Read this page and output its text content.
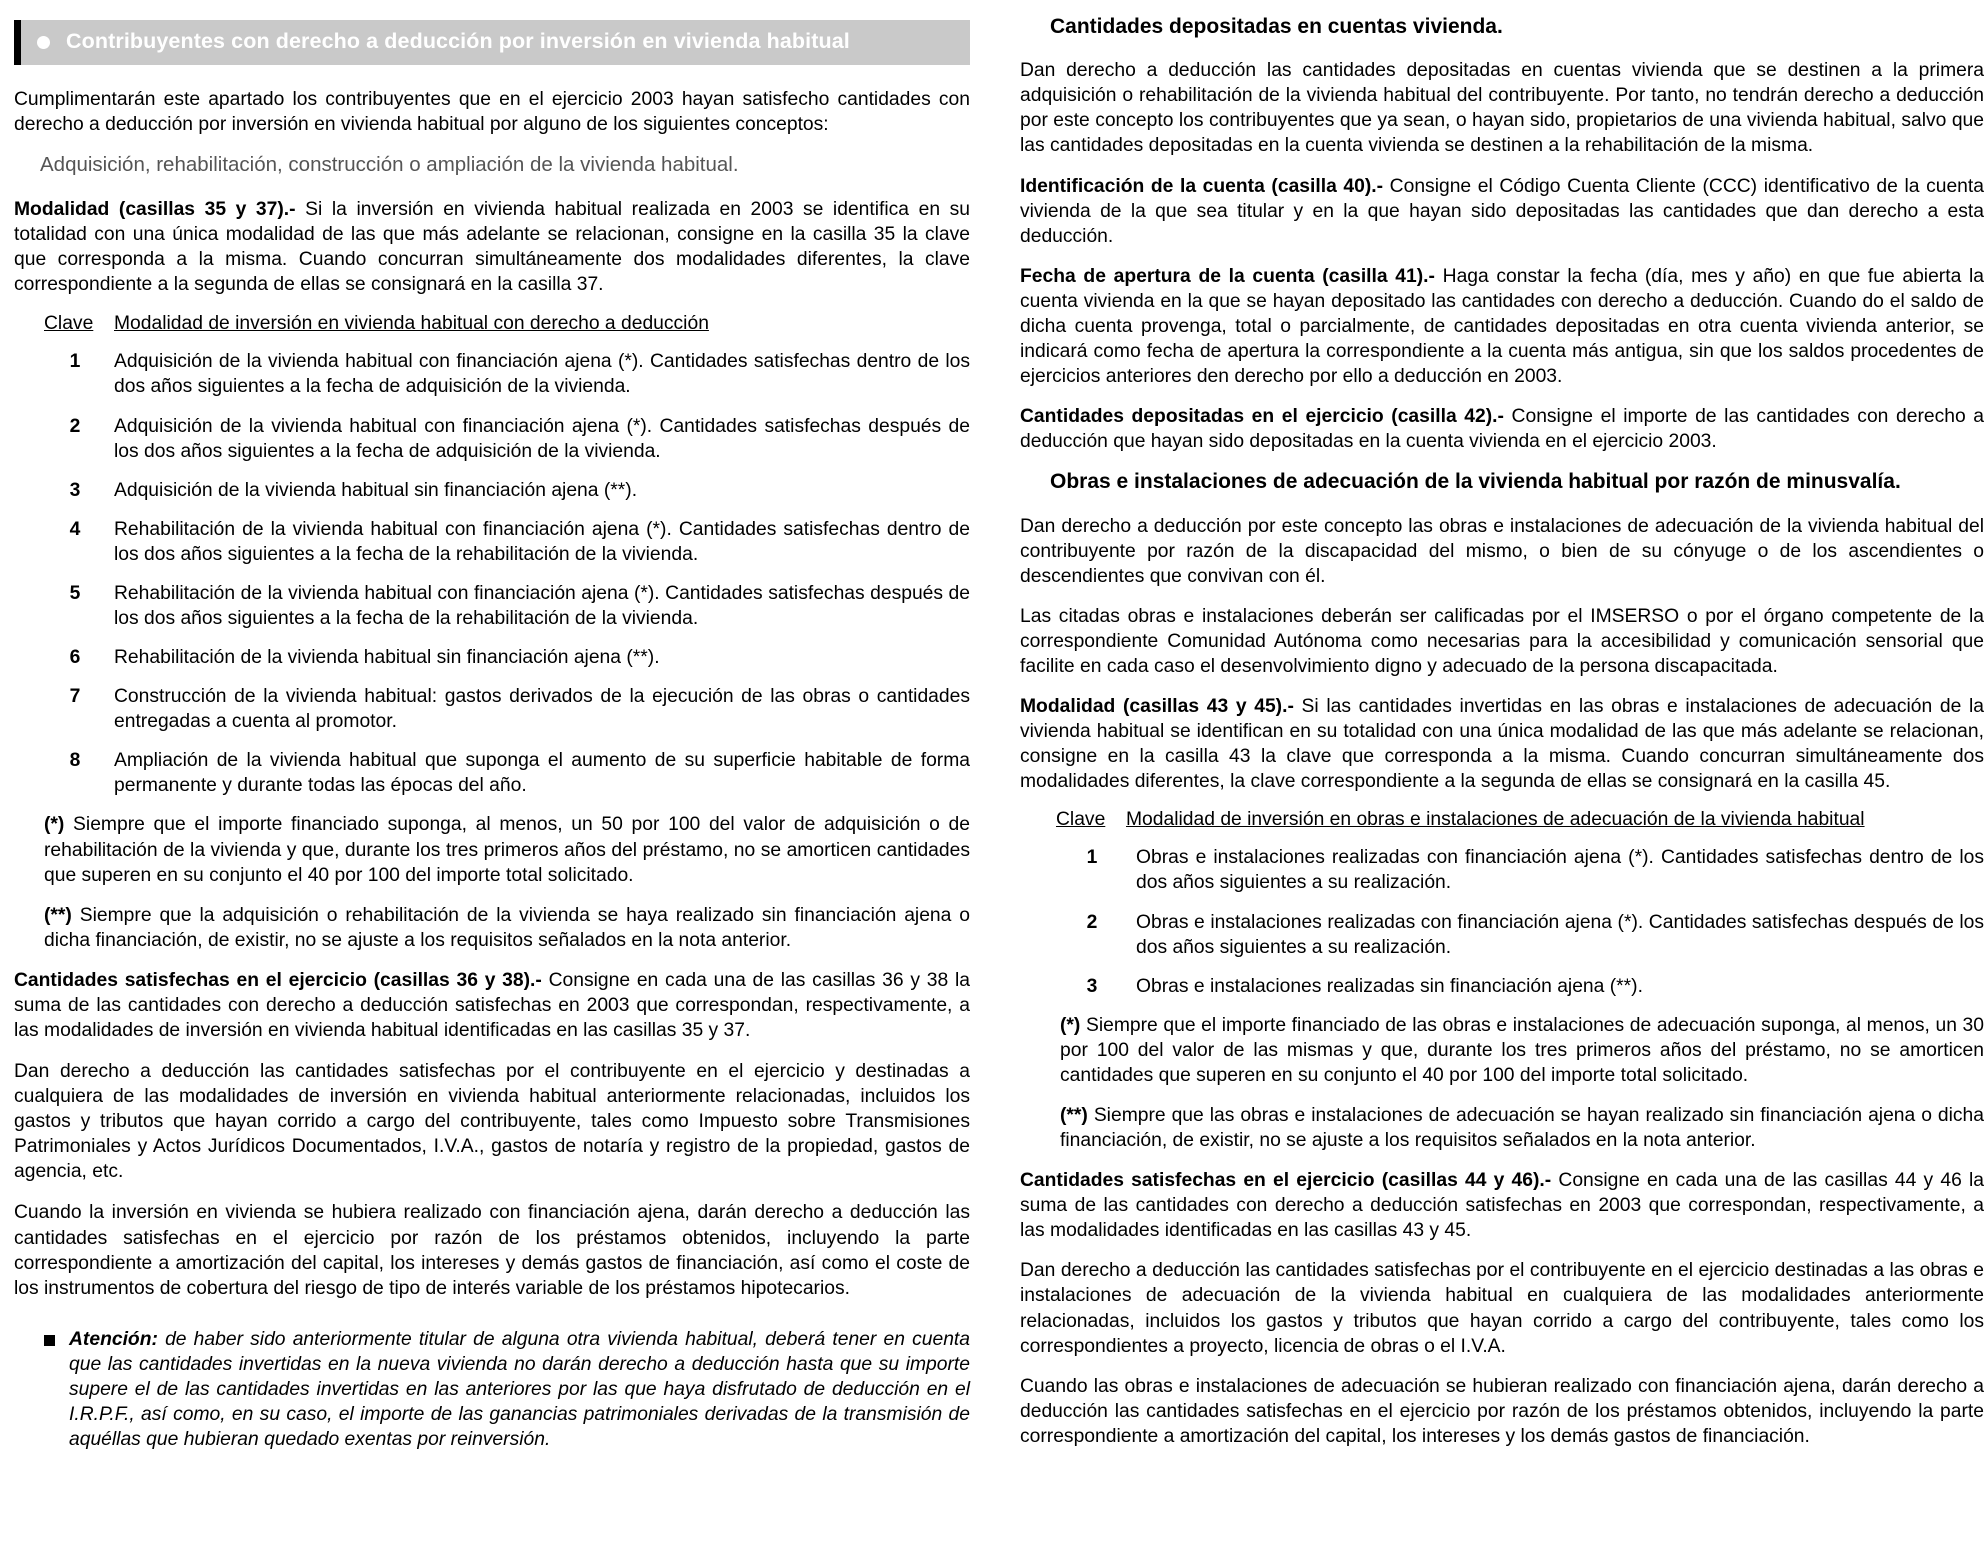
Contribuyentes con derecho a deducción por inversión en vivienda habitual

Cumplimentarán este apartado los contribuyentes que en el ejercicio 2003 hayan satisfecho cantidades con derecho a deducción por inversión en vivienda habitual por alguno de los siguientes conceptos:

Adquisición, rehabilitación, construcción o ampliación de la vivienda habitual.

Modalidad (casillas 35 y 37).- Si la inversión en vivienda habitual realizada en 2003 se identifica en su totalidad con una única modalidad de las que más adelante se relacionan, consigne en la casilla 35 la clave que corresponda a la misma. Cuando concurran simultáneamente dos modalidades diferentes, la clave correspondiente a la segunda de ellas se consignará en la casilla 37.

Clave	Modalidad de inversión en vivienda habitual con derecho a deducción
1	Adquisición de la vivienda habitual con financiación ajena (*). Cantidades satisfechas dentro de los dos años siguientes a la fecha de adquisición de la vivienda.
2	Adquisición de la vivienda habitual con financiación ajena (*). Cantidades satisfechas después de los dos años siguientes a la fecha de adquisición de la vivienda.
3	Adquisición de la vivienda habitual sin financiación ajena (**).
4	Rehabilitación de la vivienda habitual con financiación ajena (*). Cantidades satisfechas dentro de los dos años siguientes a la fecha de la rehabilitación de la vivienda.
5	Rehabilitación de la vivienda habitual con financiación ajena (*). Cantidades satisfechas después de los dos años siguientes a la fecha de la rehabilitación de la vivienda.
6	Rehabilitación de la vivienda habitual sin financiación ajena (**).
7	Construcción de la vivienda habitual: gastos derivados de la ejecución de las obras o cantidades entregadas a cuenta al promotor.
8	Ampliación de la vivienda habitual que suponga el aumento de su superficie habitable de forma permanente y durante todas las épocas del año.

(*) Siempre que el importe financiado suponga, al menos, un 50 por 100 del valor de adquisición o de rehabilitación de la vivienda y que, durante los tres primeros años del préstamo, no se amorticen cantidades que superen en su conjunto el 40 por 100 del importe total solicitado.

(**) Siempre que la adquisición o rehabilitación de la vivienda se haya realizado sin financiación ajena o dicha financiación, de existir, no se ajuste a los requisitos señalados en la nota anterior.

Cantidades satisfechas en el ejercicio (casillas 36 y 38).- Consigne en cada una de las casillas 36 y 38 la suma de las cantidades con derecho a deducción satisfechas en 2003 que correspondan, respectivamente, a las modalidades de inversión en vivienda habitual identificadas en las casillas 35 y 37.

Dan derecho a deducción las cantidades satisfechas por el contribuyente en el ejercicio y destinadas a cualquiera de las modalidades de inversión en vivienda habitual anteriormente relacionadas, incluidos los gastos y tributos que hayan corrido a cargo del contribuyente, tales como Impuesto sobre Transmisiones Patrimoniales y Actos Jurídicos Documentados, I.V.A., gastos de notaría y registro de la propiedad, gastos de agencia, etc.

Cuando la inversión en vivienda se hubiera realizado con financiación ajena, darán derecho a deducción las cantidades satisfechas en el ejercicio por razón de los préstamos obtenidos, incluyendo la parte correspondiente a amortización del capital, los intereses y demás gastos de financiación, así como el coste de los instrumentos de cobertura del riesgo de tipo de interés variable de los préstamos hipotecarios.

Atención: de haber sido anteriormente titular de alguna otra vivienda habitual, deberá tener en cuenta que las cantidades invertidas en la nueva vivienda no darán derecho a deducción hasta que su importe supere el de las cantidades invertidas en las anteriores por las que haya disfrutado de deducción en el I.R.P.F., así como, en su caso, el importe de las ganancias patrimoniales derivadas de la transmisión de aquéllas que hubieran quedado exentas por reinversión.
Cantidades depositadas en cuentas vivienda.

Dan derecho a deducción las cantidades depositadas en cuentas vivienda que se destinen a la primera adquisición o rehabilitación de la vivienda habitual del contribuyente. Por tanto, no tendrán derecho a deducción por este concepto los contribuyentes que ya sean, o hayan sido, propietarios de una vivienda habitual, salvo que las cantidades depositadas en la cuenta vivienda se destinen a la rehabilitación de la misma.

Identificación de la cuenta (casilla 40).- Consigne el Código Cuenta Cliente (CCC) identificativo de la cuenta vivienda de la que sea titular y en la que hayan sido depositadas las cantidades que dan derecho a esta deducción.

Fecha de apertura de la cuenta (casilla 41).- Haga constar la fecha (día, mes y año) en que fue abierta la cuenta vivienda en la que se hayan depositado las cantidades con derecho a deducción. Cuando do el saldo de dicha cuenta provenga, total o parcialmente, de cantidades depositadas en otra cuenta vivienda anterior, se indicará como fecha de apertura la correspondiente a la cuenta más antigua, sin que los saldos procedentes de ejercicios anteriores den derecho por ello a deducción en 2003.

Cantidades depositadas en el ejercicio (casilla 42).- Consigne el importe de las cantidades con derecho a deducción que hayan sido depositadas en la cuenta vivienda en el ejercicio 2003.

Obras e instalaciones de adecuación de la vivienda habitual por razón de minusvalía.

Dan derecho a deducción por este concepto las obras e instalaciones de adecuación de la vivienda habitual del contribuyente por razón de la discapacidad del mismo, o bien de su cónyuge o de los ascendientes o descendientes que convivan con él.

Las citadas obras e instalaciones deberán ser calificadas por el IMSERSO o por el órgano competente de la correspondiente Comunidad Autónoma como necesarias para la accesibilidad y comunicación sensorial que facilite en cada caso el desenvolvimiento digno y adecuado de la persona discapacitada.

Modalidad (casillas 43 y 45).- Si las cantidades invertidas en las obras e instalaciones de adecuación de la vivienda habitual se identifican en su totalidad con una única modalidad de las que más adelante se relacionan, consigne en la casilla 43 la clave que corresponda a la misma. Cuando concurran simultáneamente dos modalidades diferentes, la clave correspondiente a la segunda de ellas se consignará en la casilla 45.

Clave	Modalidad de inversión en obras e instalaciones de adecuación de la vivienda habitual
1	Obras e instalaciones realizadas con financiación ajena (*). Cantidades satisfechas dentro de los dos años siguientes a su realización.
2	Obras e instalaciones realizadas con financiación ajena (*). Cantidades satisfechas después de los dos años siguientes a su realización.
3	Obras e instalaciones realizadas sin financiación ajena (**).

(*) Siempre que el importe financiado de las obras e instalaciones de adecuación suponga, al menos, un 30 por 100 del valor de las mismas y que, durante los tres primeros años del préstamo, no se amorticen cantidades que superen en su conjunto el 40 por 100 del importe total solicitado.

(**) Siempre que las obras e instalaciones de adecuación se hayan realizado sin financiación ajena o dicha financiación, de existir, no se ajuste a los requisitos señalados en la nota anterior.

Cantidades satisfechas en el ejercicio (casillas 44 y 46).- Consigne en cada una de las casillas 44 y 46 la suma de las cantidades con derecho a deducción satisfechas en 2003 que correspondan, respectivamente, a las modalidades identificadas en las casillas 43 y 45.

Dan derecho a deducción las cantidades satisfechas por el contribuyente en el ejercicio destinadas a las obras e instalaciones de adecuación de la vivienda habitual en cualquiera de las modalidades anteriormente relacionadas, incluidos los gastos y tributos que hayan corrido a cargo del contribuyente, tales como los correspondientes a proyecto, licencia de obras o el I.V.A.

Cuando las obras e instalaciones de adecuación se hubieran realizado con financiación ajena, darán derecho a deducción las cantidades satisfechas en el ejercicio por razón de los préstamos obtenidos, incluyendo la parte correspondiente a amortización del capital, los intereses y los demás gastos de financiación.
